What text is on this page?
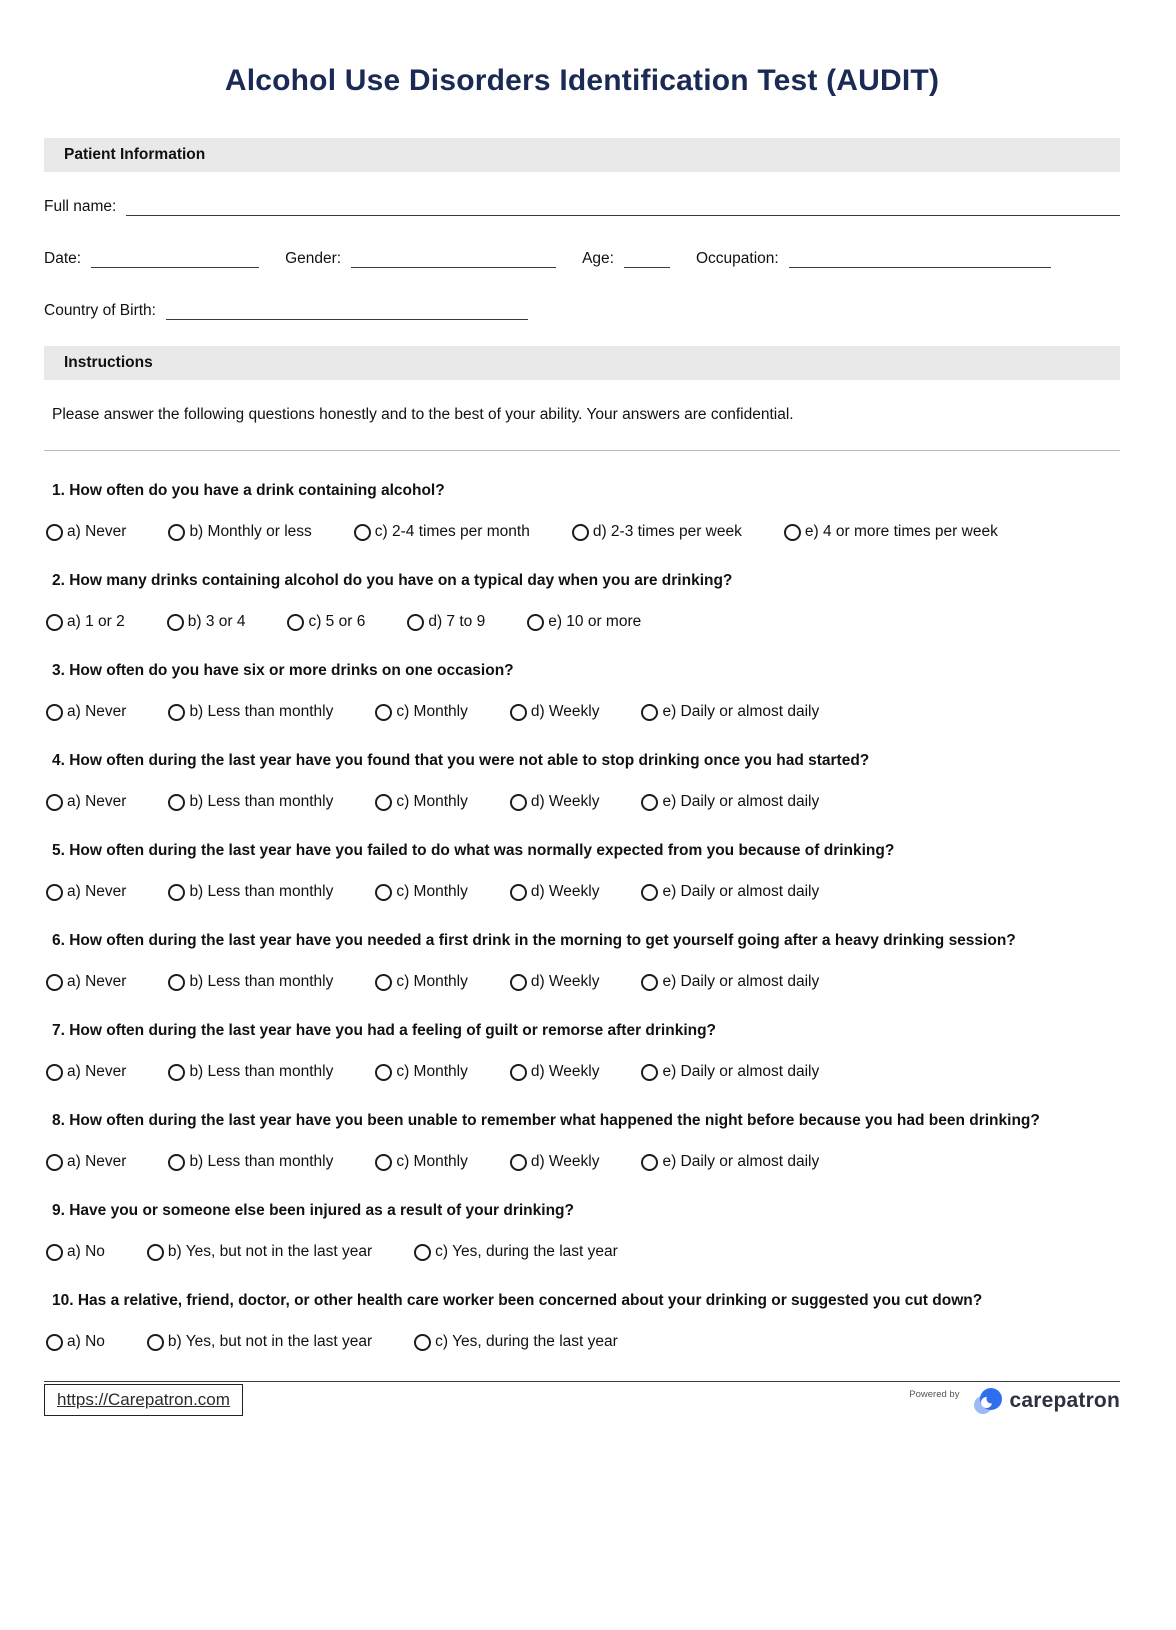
Alcohol Use Disorders Identification Test (AUDIT)
Patient Information
Full name:
Date:	Gender:	Age:	Occupation:
Country of Birth:
Instructions

Please answer the following questions honestly and to the best of your ability. Your answers are confidential.

1. How often do you have a drink containing alcohol?
a) Never	b) Monthly or less	c) 2-4 times per month	d) 2-3 times per week	e) 4 or more times per week
2. How many drinks containing alcohol do you have on a typical day when you are drinking?
a) 1 or 2	b) 3 or 4	c) 5 or 6	d) 7 to 9	e) 10 or more
3. How often do you have six or more drinks on one occasion?
a) Never	b) Less than monthly	c) Monthly	d) Weekly	e) Daily or almost daily
4. How often during the last year have you found that you were not able to stop drinking once you had started?
a) Never	b) Less than monthly	c) Monthly	d) Weekly	e) Daily or almost daily
5. How often during the last year have you failed to do what was normally expected from you because of drinking?
a) Never	b) Less than monthly	c) Monthly	d) Weekly	e) Daily or almost daily
6. How often during the last year have you needed a first drink in the morning to get yourself going after a heavy drinking session?
a) Never	b) Less than monthly	c) Monthly	d) Weekly	e) Daily or almost daily
7. How often during the last year have you had a feeling of guilt or remorse after drinking?
a) Never	b) Less than monthly	c) Monthly	d) Weekly	e) Daily or almost daily
8. How often during the last year have you been unable to remember what happened the night before because you had been drinking?
a) Never	b) Less than monthly	c) Monthly	d) Weekly	e) Daily or almost daily
9. Have you or someone else been injured as a result of your drinking?
a) No	b) Yes, but not in the last year	c) Yes, during the last year
10. Has a relative, friend, doctor, or other health care worker been concerned about your drinking or suggested you cut down?
a) No	b) Yes, but not in the last year	c) Yes, during the last year
https://Carepatron.com	Powered by carepatron
